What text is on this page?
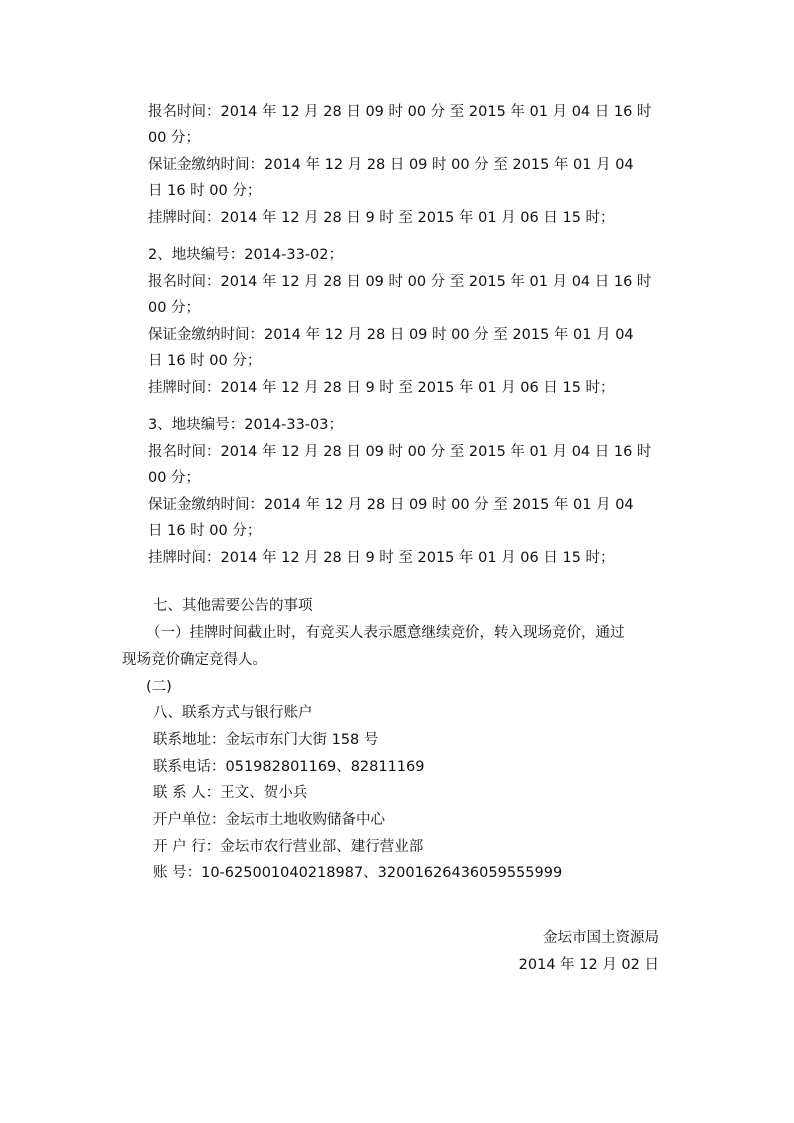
报名时间：2014 年 12 月 28 日 09 时 00 分 至 2015 年 01 月 04 日 16 时
00 分；
保证金缴纳时间：2014 年 12 月 28 日 09 时 00 分 至 2015 年 01 月 04
日 16 时 00 分；
挂牌时间：2014 年 12 月 28 日 9 时 至 2015 年 01 月 06 日 15 时；
2、地块编号：2014-33-02；
报名时间：2014 年 12 月 28 日 09 时 00 分 至 2015 年 01 月 04 日 16 时
00 分；
保证金缴纳时间：2014 年 12 月 28 日 09 时 00 分 至 2015 年 01 月 04
日 16 时 00 分；
挂牌时间：2014 年 12 月 28 日 9 时 至 2015 年 01 月 06 日 15 时；
3、地块编号：2014-33-03；
报名时间：2014 年 12 月 28 日 09 时 00 分 至 2015 年 01 月 04 日 16 时
00 分；
保证金缴纳时间：2014 年 12 月 28 日 09 时 00 分 至 2015 年 01 月 04
日 16 时 00 分；
挂牌时间：2014 年 12 月 28 日 9 时 至 2015 年 01 月 06 日 15 时；
七、其他需要公告的事项
（一）挂牌时间截止时，有竞买人表示愿意继续竞价，转入现场竞价，通过
现场竞价确定竞得人。
(二)
八、联系方式与银行账户
联系地址：金坛市东门大街 158 号
联系电话：051982801169、82811169
联 系 人：王文、贺小兵
开户单位：金坛市土地收购储备中心
开 户 行：金坛市农行营业部、建行营业部
账 号：10-625001040218987、32001626436059555999
金坛市国土资源局
2014 年 12 月 02 日
